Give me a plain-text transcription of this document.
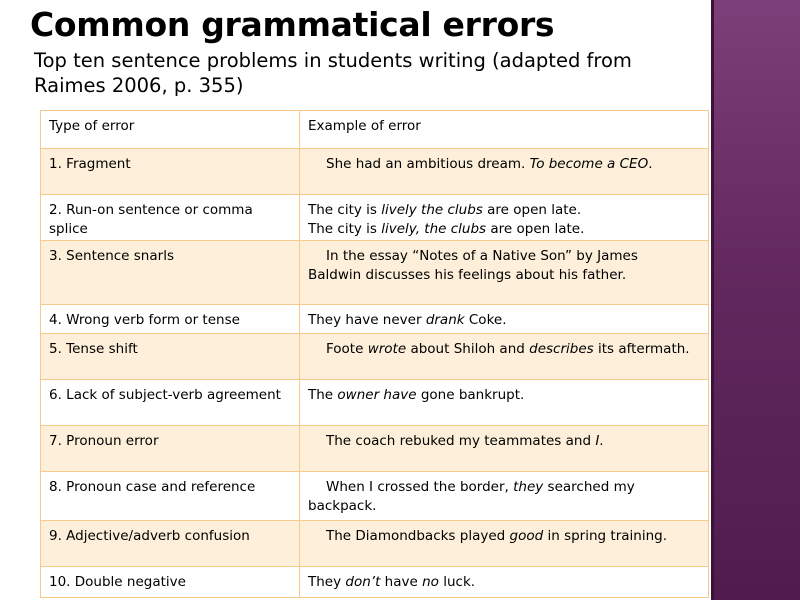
Common grammatical errors

Top ten sentence problems in students writing (adapted from Raimes 2006, p. 355)

Type of error	Example of error
1. Fragment	She had an ambitious dream. To become a CEO.
2. Run-on sentence or comma splice	The city is lively the clubs are open late.
The city is lively, the clubs are open late.
3. Sentence snarls	In the essay “Notes of a Native Son” by James
Baldwin discusses his feelings about his father.

4. Wrong verb form or tense	They have never drank Coke.
5. Tense shift	Foote wrote about Shiloh and describes its aftermath.
6. Lack of subject-verb agreement	The owner have gone bankrupt.
7. Pronoun error	The coach rebuked my teammates and I.
8. Pronoun case and reference	When I crossed the border, they searched my
backpack.

9. Adjective/adverb confusion	The Diamondbacks played good in spring training.
10. Double negative	They don’t have no luck.
